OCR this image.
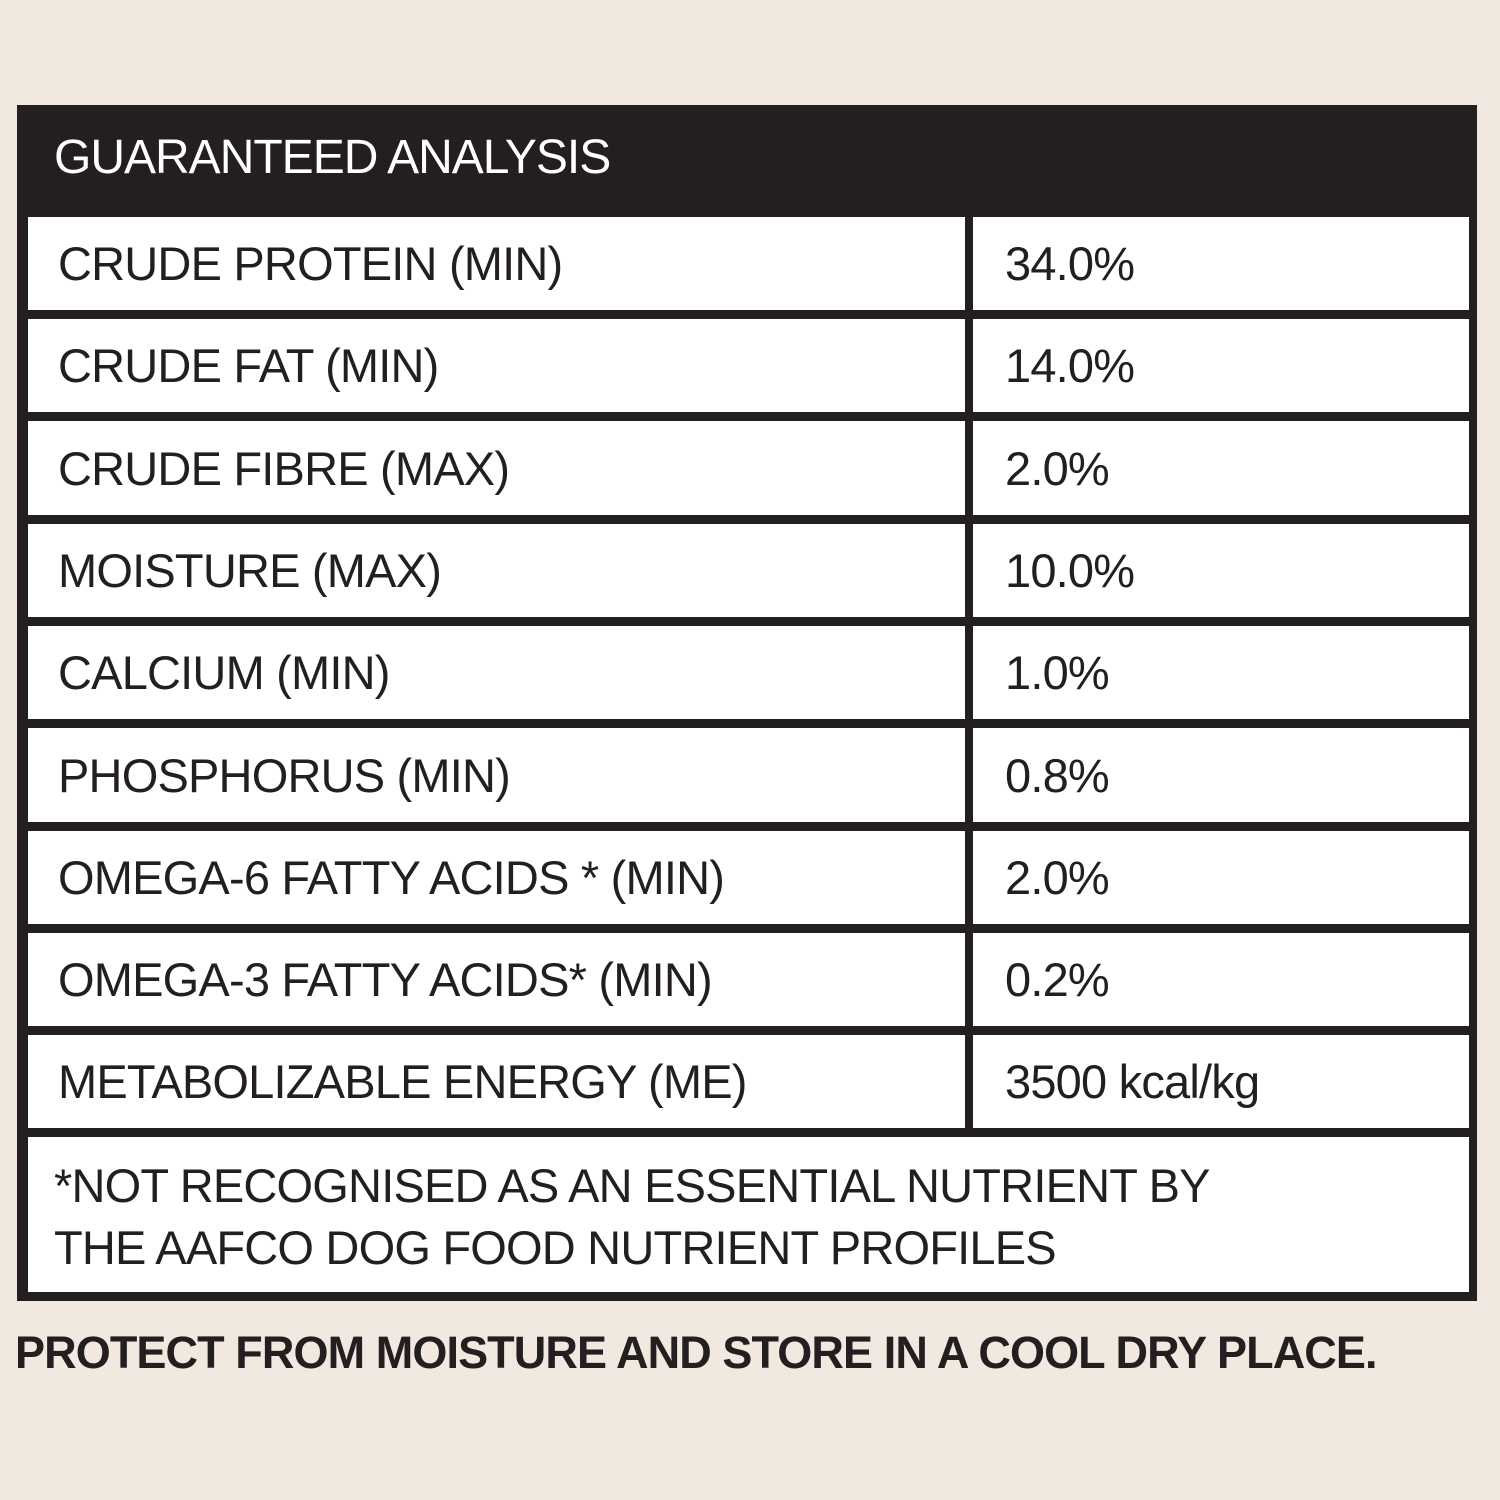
GUARANTEED ANALYSIS
CRUDE PROTEIN (MIN)	34.0%
CRUDE FAT (MIN)	14.0%
CRUDE FIBRE (MAX)	2.0%
MOISTURE (MAX)	10.0%
CALCIUM (MIN)	1.0%
PHOSPHORUS (MIN)	0.8%
OMEGA-6 FATTY ACIDS * (MIN)	2.0%
OMEGA-3 FATTY ACIDS* (MIN)	0.2%
METABOLIZABLE ENERGY (ME)	3500 kcal/kg
*NOT RECOGNISED AS AN ESSENTIAL NUTRIENT BY
THE AAFCO DOG FOOD NUTRIENT PROFILES
PROTECT FROM MOISTURE AND STORE IN A COOL DRY PLACE.
